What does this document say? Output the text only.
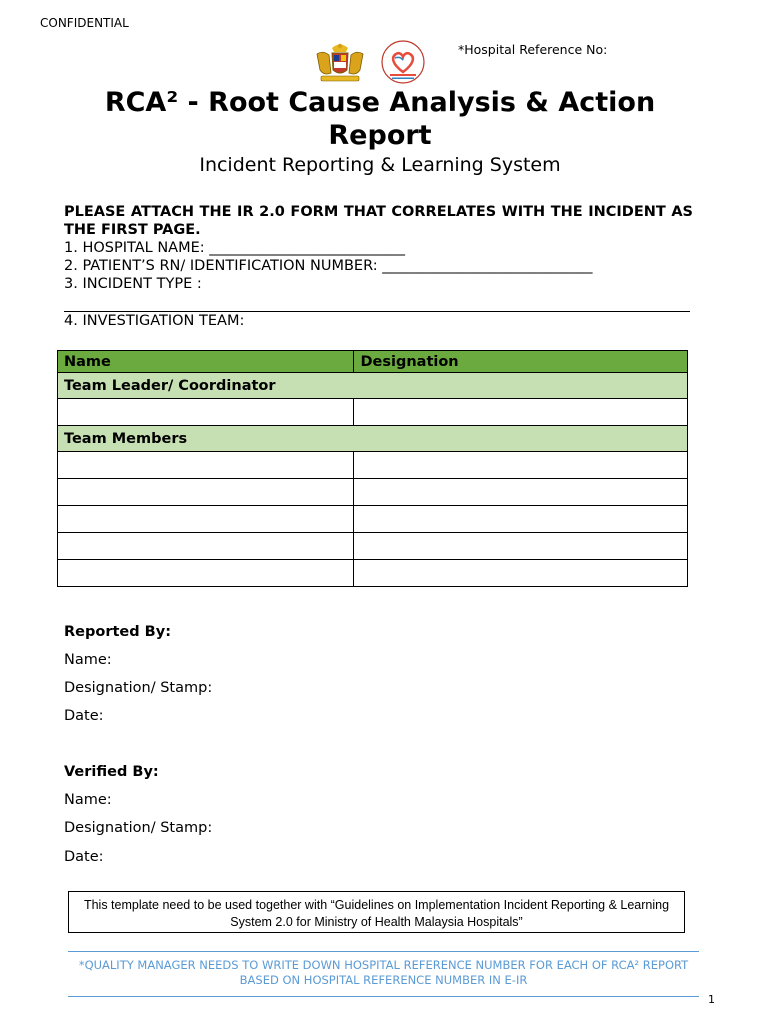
CONFIDENTIAL
*Hospital Reference No:
RCA² - Root Cause Analysis & Action Report
Incident Reporting & Learning System
PLEASE ATTACH THE IR 2.0 FORM THAT CORRELATES WITH THE INCIDENT AS THE FIRST PAGE.
1. HOSPITAL NAME: ___________________________
2. PATIENT’S RN/ IDENTIFICATION NUMBER: _____________________________
3. INCIDENT TYPE :
4. INVESTIGATION TEAM:
Name	Designation
Team Leader/ Coordinator	

Team Members	

Reported By:
Name:
Designation/ Stamp:
Date:
Verified By:
Name:
Designation/ Stamp:
Date:
This template need to be used together with “Guidelines on Implementation Incident Reporting & Learning System 2.0 for Ministry of Health Malaysia Hospitals”
*QUALITY MANAGER NEEDS TO WRITE DOWN HOSPITAL REFERENCE NUMBER FOR EACH OF RCA² REPORT BASED ON HOSPITAL REFERENCE NUMBER IN E-IR
1
